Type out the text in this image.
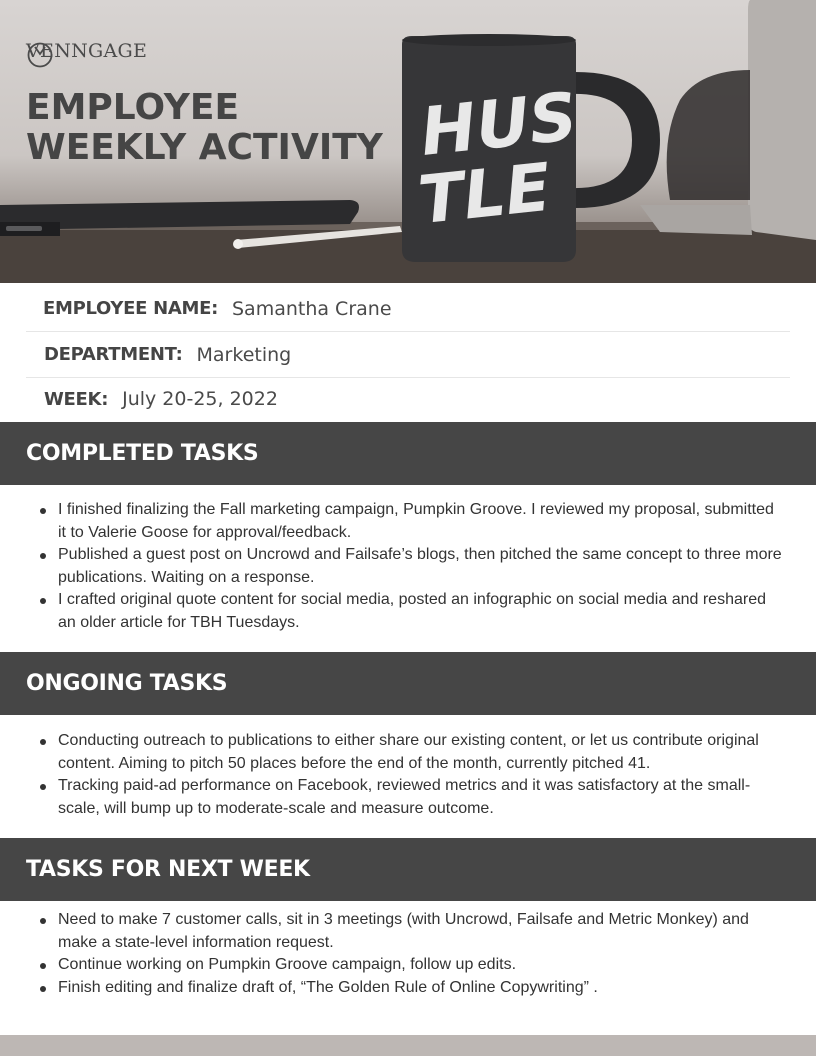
HUS
TLE
VENNGAGE
EMPLOYEE
WEEKLY ACTIVITY
EMPLOYEE NAME: Samantha Crane
DEPARTMENT: Marketing
WEEK: July 20-25, 2022
COMPLETED TASKS
I finished finalizing the Fall marketing campaign, Pumpkin Groove. I reviewed my proposal, submitted it to Valerie Goose for approval/feedback.
Published a guest post on Uncrowd and Failsafe’s blogs, then pitched the same concept to three more publications. Waiting on a response.
I crafted original quote content for social media, posted an infographic on social media and reshared an older article for TBH Tuesdays.
ONGOING TASKS
Conducting outreach to publications to either share our existing content, or let us contribute original content. Aiming to pitch 50 places before the end of the month, currently pitched 41.
Tracking paid-ad performance on Facebook, reviewed metrics and it was satisfactory at the small-scale, will bump up to moderate-scale and measure outcome.
TASKS FOR NEXT WEEK
Need to make 7 customer calls, sit in 3 meetings (with Uncrowd, Failsafe and Metric Monkey) and make a state-level information request.
Continue working on Pumpkin Groove campaign, follow up edits.
Finish editing and finalize draft of, “The Golden Rule of Online Copywriting” .
